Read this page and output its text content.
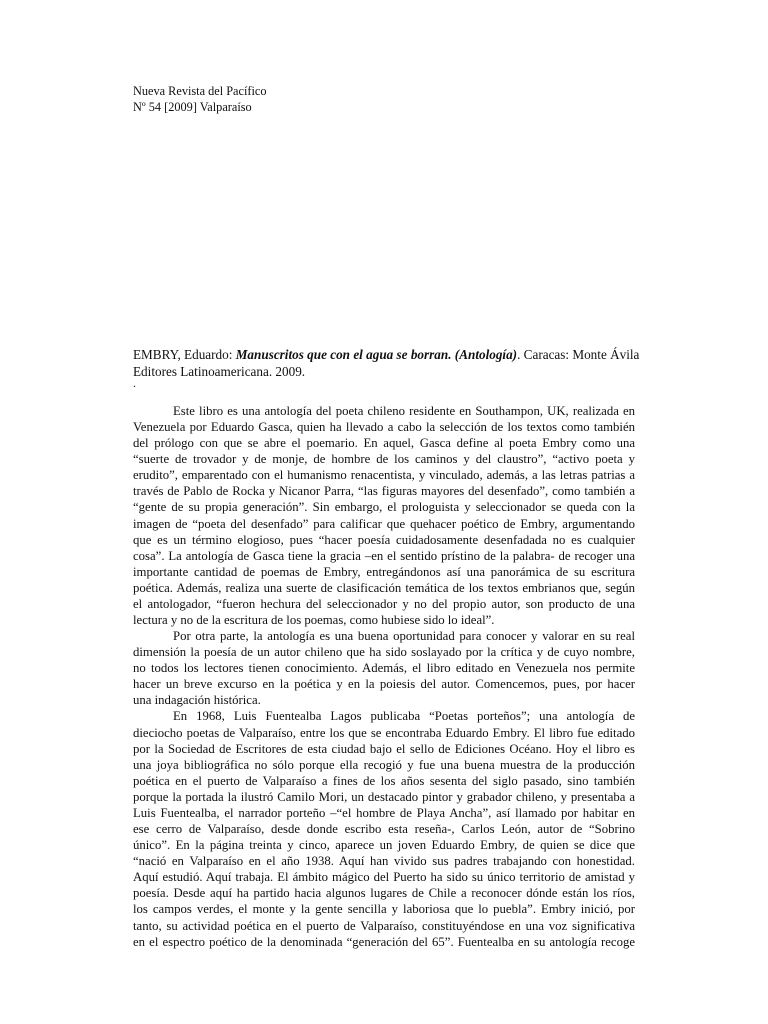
Nueva Revista del Pacífico
Nº 54 [2009] Valparaíso
EMBRY, Eduardo: Manuscritos que con el agua se borran. (Antología). Caracas: Monte Ávila
Editores Latinoamericana. 2009.
.
Este libro es una antología del poeta chileno residente en Southampon, UK, realizada en
Venezuela por Eduardo Gasca, quien ha llevado a cabo la selección de los textos como también
del prólogo con que se abre el poemario. En aquel, Gasca define al poeta Embry como una
“suerte de trovador y de monje, de hombre de los caminos y del claustro”, “activo poeta y
erudito”, emparentado con el humanismo renacentista, y vinculado, además, a las letras patrias a
través de Pablo de Rocka y Nicanor Parra, “las figuras mayores del desenfado”, como también a
“gente de su propia generación”. Sin embargo, el prologuista y seleccionador se queda con la
imagen de “poeta del desenfado” para calificar que quehacer poético de Embry, argumentando
que es un término elogioso, pues “hacer poesía cuidadosamente desenfadada no es cualquier
cosa”. La antología de Gasca tiene la gracia –en el sentido prístino de la palabra- de recoger una
importante cantidad de poemas de Embry, entregándonos así una panorámica de su escritura
poética. Además, realiza una suerte de clasificación temática de los textos embrianos que, según
el antologador, “fueron hechura del seleccionador y no del propio autor, son producto de una
lectura y no de la escritura de los poemas, como hubiese sido lo ideal”.
Por otra parte, la antología es una buena oportunidad para conocer y valorar en su real
dimensión la poesía de un autor chileno que ha sido soslayado por la crítica y de cuyo nombre,
no todos los lectores tienen conocimiento. Además, el libro editado en Venezuela nos permite
hacer un breve excurso en la poética y en la poiesis del autor. Comencemos, pues, por hacer
una indagación histórica.
En 1968, Luis Fuentealba Lagos publicaba “Poetas porteños”; una antología de
dieciocho poetas de Valparaíso, entre los que se encontraba Eduardo Embry. El libro fue editado
por la Sociedad de Escritores de esta ciudad bajo el sello de Ediciones Océano. Hoy el libro es
una joya bibliográfica no sólo porque ella recogió y fue una buena muestra de la producción
poética en el puerto de Valparaíso a fines de los años sesenta del siglo pasado, sino también
porque la portada la ilustró Camilo Mori, un destacado pintor y grabador chileno, y presentaba a
Luis Fuentealba, el narrador porteño –“el hombre de Playa Ancha”, así llamado por habitar en
ese cerro de Valparaíso, desde donde escribo esta reseña-, Carlos León, autor de “Sobrino
único”. En la página treinta y cinco, aparece un joven Eduardo Embry, de quien se dice que
“nació en Valparaíso en el año 1938. Aquí han vivido sus padres trabajando con honestidad.
Aquí estudió. Aquí trabaja. El ámbito mágico del Puerto ha sido su único territorio de amistad y
poesía. Desde aquí ha partido hacia algunos lugares de Chile a reconocer dónde están los ríos,
los campos verdes, el monte y la gente sencilla y laboriosa que lo puebla”. Embry inició, por
tanto, su actividad poética en el puerto de Valparaíso, constituyéndose en una voz significativa
en el espectro poético de la denominada “generación del 65”. Fuentealba en su antología recoge
